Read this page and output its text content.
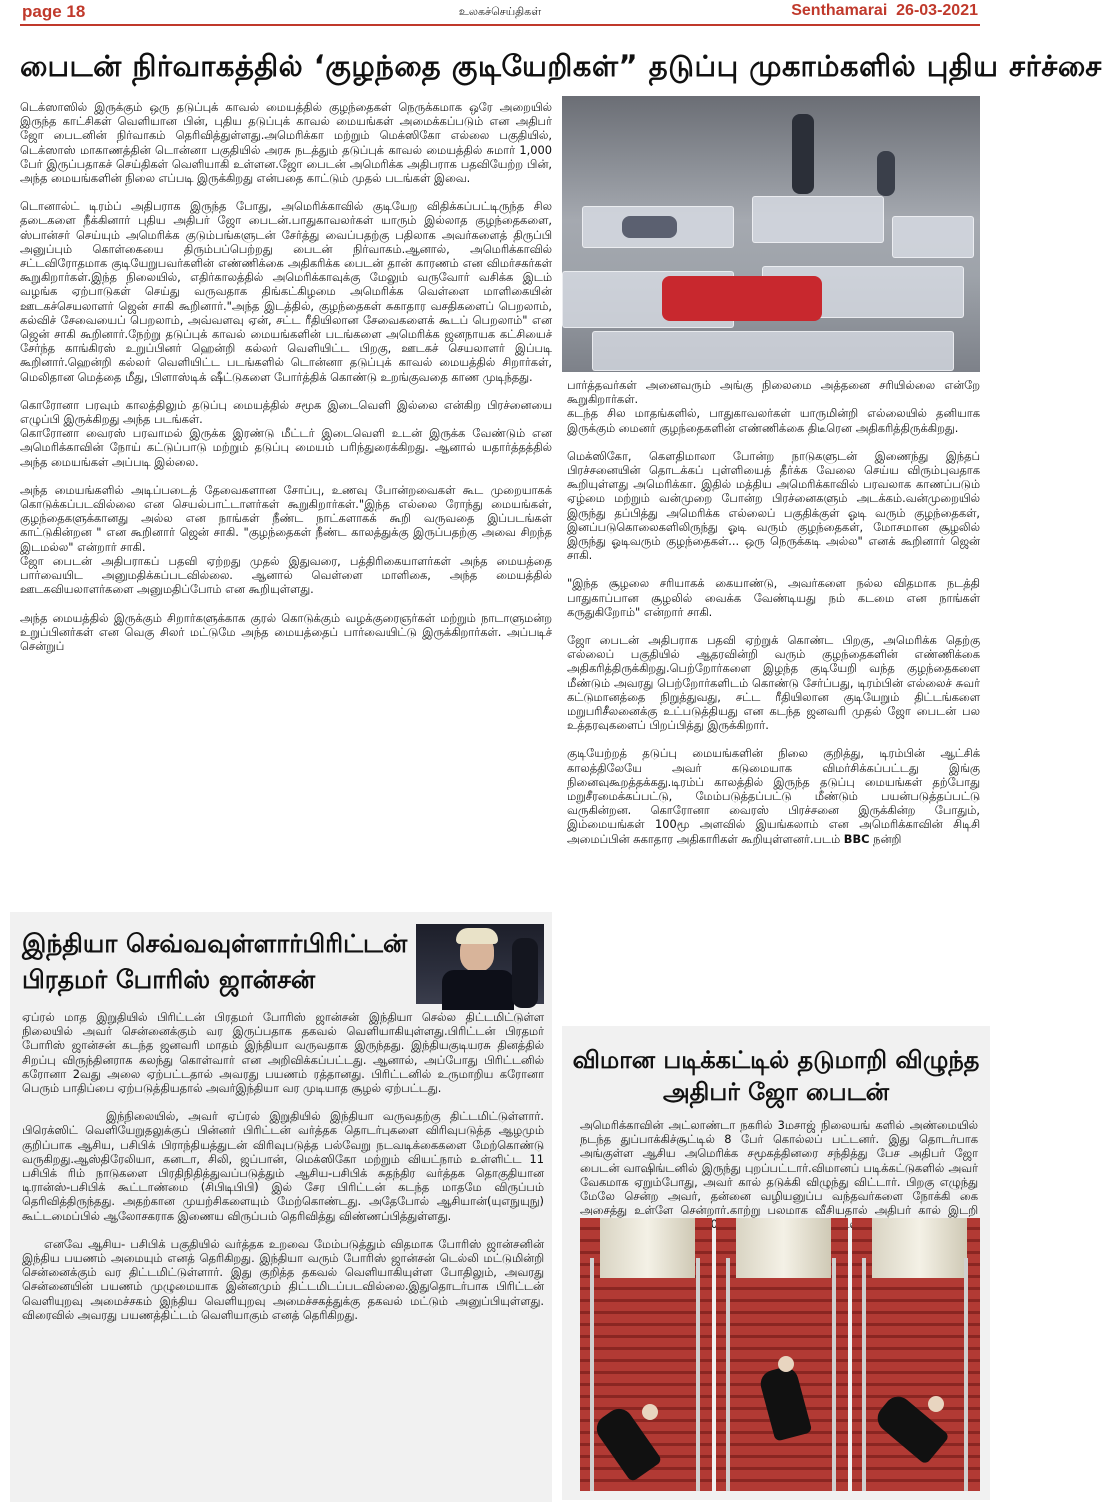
page 18	உலகச்செய்திகள்	Senthamarai 26-03-2021
பைடன் நிர்வாகத்தில் ‘குழந்தை குடியேறிகள்” தடுப்பு முகாம்களில் புதிய சர்ச்சை

டெக்ஸாஸில் இருக்கும் ஒரு தடுப்புக் காவல் மையத்தில் குழந்தைகள் நெருக்கமாக ஒரே அறையில் இருந்த காட்சிகள் வெளியான பின், புதிய தடுப்புக் காவல் மையங்கள் அமைக்கப்படும் என அதிபர் ஜோ பைடனின் நிர்வாகம் தெரிவித்துள்ளது.அமெரிக்கா மற்றும் மெக்ஸிகோ எல்லை பகுதியில், டெக்ஸாஸ் மாகாணத்தின் டொன்னா பகுதியில் அரசு நடத்தும் தடுப்புக் காவல் மையத்தில் சுமார் 1,000 பேர் இருப்பதாகச் செய்திகள் வெளியாகி உள்ளன.ஜோ பைடன் அமெரிக்க அதிபராக பதவியேற்ற பின், அந்த மையங்களின் நிலை எப்படி இருக்கிறது என்பதை காட்டும் முதல் படங்கள் இவை.

டொனால்ட் டிரம்ப் அதிபராக இருந்த போது, அமெரிக்காவில் குடியேற விதிக்கப்பட்டிருந்த சில தடைகளை நீக்கினார் புதிய அதிபர் ஜோ பைடன்.பாதுகாவலர்கள் யாரும் இல்லாத குழந்தைகளை, ஸ்பான்சர் செய்யும் அமெரிக்க குடும்பங்களுடன் சேர்த்து வைப்பதற்கு பதிலாக அவர்களைத் திருப்பி அனுப்பும் கொள்கையை திரும்பப்பெற்றது பைடன் நிர்வாகம்.ஆனால், அமெரிக்காவில் சட்டவிரோதமாக குடியேறுபவர்களின் எண்ணிக்கை அதிகரிக்க பைடன் தான் காரணம் என விமர்சகர்கள் கூறுகிறார்கள்.இந்த நிலையில், எதிர்காலத்தில் அமெரிக்காவுக்கு மேலும் வருவோர் வசிக்க இடம் வழங்க ஏற்பாடுகள் செய்து வருவதாக திங்கட்கிழமை அமெரிக்க வெள்ளை மாளிகையின் ஊடகச்செயலாளர் ஜென் சாகி கூறினார்."அந்த இடத்தில், குழந்தைகள் சுகாதார வசதிகளைப் பெறலாம், கல்விச் சேவையைப் பெறலாம், அவ்வளவு ஏன், சட்ட ரீதியிலான சேவைகளைக் கூடப் பெறலாம்" என ஜென் சாகி கூறினார்.நேற்று தடுப்புக் காவல் மையங்களின் படங்களை அமெரிக்க ஜனநாயக கட்சியைச் சேர்ந்த காங்கிரஸ் உறுப்பினர் ஹென்றி கல்லர் வெளியிட்ட பிறகு, ஊடகச் செயலாளர் இப்படி கூறினார்.ஹென்றி கல்லர் வெளியிட்ட படங்களில் டொன்னா தடுப்புக் காவல் மையத்தில் சிறார்கள், மெலிதான மெத்தை மீது, பிளாஸ்டிக் ஷீட்டுகளை போர்த்திக் கொண்டு உறங்குவதை காண முடிந்தது.

கொரோனா பரவும் காலத்திலும் தடுப்பு மையத்தில் சமூக இடைவெளி இல்லை என்கிற பிரச்னையை எழுப்பி இருக்கிறது அந்த படங்கள்.

கொரோனா வைரஸ் பரவாமல் இருக்க இரண்டு மீட்டர் இடைவெளி உடன் இருக்க வேண்டும் என அமெரிக்காவின் நோய் கட்டுப்பாடு மற்றும் தடுப்பு மையம் பரிந்துரைக்கிறது. ஆனால் யதார்த்தத்தில் அந்த மையங்கள் அப்படி இல்லை.

அந்த மையங்களில் அடிப்படைத் தேவைகளான சோப்பு, உணவு போன்றவைகள் கூட முறையாகக் கொடுக்கப்படவில்லை என செயல்பாட்டாளர்கள் கூறுகிறார்கள்."இந்த எல்லை ரோந்து மையங்கள், குழந்தைகளுக்கானது அல்ல என நாங்கள் நீண்ட நாட்களாகக் கூறி வருவதை இப்படங்கள் காட்டுகின்றன " என கூறினார் ஜென் சாகி. "குழந்தைகள் நீண்ட காலத்துக்கு இருப்பதற்கு அவை சிறந்த இடமல்ல" என்றார் சாகி.

ஜோ பைடன் அதிபராகப் பதவி ஏற்றது முதல் இதுவரை, பத்திரிகையாளர்கள் அந்த மையத்தை பார்வையிட அனுமதிக்கப்படவில்லை. ஆனால் வெள்ளை மாளிகை, அந்த மையத்தில் ஊடகவியலாளர்களை அனுமதிப்போம் என கூறியுள்ளது.

அந்த மையத்தில் இருக்கும் சிறார்களுக்காக குரல் கொடுக்கும் வழக்குரைஞர்கள் மற்றும் நாடாளுமன்ற உறுப்பினர்கள் என வெகு சிலர் மட்டுமே அந்த மையத்தைப் பார்வையிட்டு இருக்கிறார்கள். அப்படிச் சென்றுப்

பார்த்தவர்கள் அனைவரும் அங்கு நிலைமை அத்தனை சரியில்லை என்றே கூறுகிறார்கள்.

கடந்த சில மாதங்களில், பாதுகாவலர்கள் யாருமின்றி எல்லையில் தனியாக இருக்கும் மைனர் குழந்தைகளின் எண்ணிக்கை திடீரென அதிகரித்திருக்கிறது.

மெக்ஸிகோ, கௌதிமாலா போன்ற நாடுகளுடன் இணைந்து இந்தப் பிரச்சனையின் தொடக்கப் புள்ளியைத் தீர்க்க வேலை செய்ய விரும்புவதாக கூறியுள்ளது அமெரிக்கா. இதில் மத்திய அமெரிக்காவில் பரவலாக காணப்படும் ஏழ்மை மற்றும் வன்முறை போன்ற பிரச்னைகளும் அடக்கம்.வன்முறையில் இருந்து தப்பித்து அமெரிக்க எல்லைப் பகுதிக்குள் ஓடி வரும் குழந்தைகள், இனப்படுகொலைகளிலிருந்து ஓடி வரும் குழந்தைகள், மோசமான சூழலில் இருந்து ஓடிவரும் குழந்தைகள்... ஒரு நெருக்கடி அல்ல" எனக் கூறினார் ஜென் சாகி.

"இந்த சூழலை சரியாகக் கையாண்டு, அவர்களை நல்ல விதமாக நடத்தி பாதுகாப்பான சூழலில் வைக்க வேண்டியது நம் கடமை என நாங்கள் கருதுகிறோம்" என்றார் சாகி.

ஜோ பைடன் அதிபராக பதவி ஏற்றுக் கொண்ட பிறகு, அமெரிக்க தெற்கு எல்லைப் பகுதியில் ஆதரவின்றி வரும் குழந்தைகளின் எண்ணிக்கை அதிகரித்திருக்கிறது.பெற்றோர்களை இழந்த குடியேறி வந்த குழந்தைகளை மீண்டும் அவரது பெற்றோர்களிடம் கொண்டு சேர்ப்பது, டிரம்பின் எல்லைச் சுவர் கட்டுமானத்தை நிறுத்துவது, சட்ட ரீதியிலான குடியேறும் திட்டங்களை மறுபரிசீலனைக்கு உட்படுத்தியது என கடந்த ஜனவரி முதல் ஜோ பைடன் பல உத்தரவுகளைப் பிறப்பித்து இருக்கிறார்.

குடியேற்றத் தடுப்பு மையங்களின் நிலை குறித்து, டிரம்பின் ஆட்சிக் காலத்திலேயே அவர் கடுமையாக விமர்சிக்கப்பட்டது இங்கு நினைவுகூறத்தக்கது.டிரம்ப் காலத்தில் இருந்த தடுப்பு மையங்கள் தற்போது மறுசீரமைக்கப்பட்டு, மேம்படுத்தப்பட்டு மீண்டும் பயன்படுத்தப்பட்டு வருகின்றன. கொரோனா வைரஸ் பிரச்சனை இருக்கின்ற போதும், இம்மையங்கள் 100மூ அளவில் இயங்கலாம் என அமெரிக்காவின் சிடிசி அமைப்பின் சுகாதார அதிகாரிகள் கூறியுள்ளனர்.படம் BBC நன்றி

இந்தியா செவ்வவுள்ளார்பிரிட்டன்
பிரதமர் போரிஸ் ஜான்சன்

ஏப்ரல் மாத இறுதியில் பிரிட்டன் பிரதமர் போரிஸ் ஜான்சன் இந்தியா செல்ல திட்டமிட்டுள்ள நிலையில் அவர் சென்னைக்கும் வர இருப்பதாக தகவல் வெளியாகியுள்ளது.பிரிட்டன் பிரதமர் போரிஸ் ஜான்சன் கடந்த ஜனவரி மாதம் இந்தியா வருவதாக இருந்தது. இந்தியகுடியரசு தினத்தில் சிறப்பு விருந்தினராக கலந்து கொள்வார் என அறிவிக்கப்பட்டது. ஆனால், அப்போது பிரிட்டனில் கரோனா 2வது அலை ஏற்பட்டதால் அவரது பயணம் ரத்தானது. பிரிட்டனில் உருமாறிய கரோனா பெரும் பாதிப்பை ஏற்படுத்தியதால் அவர்இந்தியா வர முடியாத சூழல் ஏற்பட்டது.

இந்நிலையில், அவர் ஏப்ரல் இறுதியில் இந்தியா வருவதற்கு திட்டமிட்டுள்ளார். பிரெக்ஸிட் வெளியேறுதலுக்குப் பின்னர் பிரிட்டன் வர்த்தக தொடர்புகளை விரிவுபடுத்த ஆழமும் குறிப்பாக ஆசிய, பசிபிக் பிராந்தியத்துடன் விரிவுபடுத்த பல்வேறு நடவடிக்கைகளை மேற்கொண்டு வருகிறது.ஆஸ்திரேலியா, கனடா, சிலி, ஜப்பான், மெக்ஸிகோ மற்றும் வியட்நாம் உள்ளிட்ட 11 பசிபிக் ரிம் நாடுகளை பிரதிநிதித்துவப்படுத்தும் ஆசிய-பசிபிக் சுதந்திர வர்த்தக தொகுதியான டிரான்ஸ்-பசிபிக் கூட்டாண்மை (சிபிடிபிபி) இல் சேர பிரிட்டன் கடந்த மாதமே விருப்பம் தெரிவித்திருந்தது. அதற்கான முயற்சிகளையும் மேற்கொண்டது. அதேபோல் ஆசியான்(யுஎநுயுநு) கூட்டமைப்பில் ஆலோசகராக இணைய விருப்பம் தெரிவித்து விண்ணப்பித்துள்ளது.

எனவே ஆசிய- பசிபிக் பகுதியில் வர்த்தக உறவை மேம்படுத்தும் விதமாக போரிஸ் ஜான்சனின் இந்திய பயணம் அமையும் எனத் தெரிகிறது. இந்தியா வரும் போரிஸ் ஜான்சன் டெல்லி மட்டுமின்றி சென்னைக்கும் வர திட்டமிட்டுள்ளார். இது குறித்த தகவல் வெளியாகியுள்ள போதிலும், அவரது சென்னையின் பயணம் முழுமையாக இன்னமும் திட்டமிடப்படவில்லை.இதுதொடர்பாக பிரிட்டன் வெளியுறவு அமைச்சகம் இந்திய வெளியுறவு அமைச்சகத்துக்கு தகவல் மட்டும் அனுப்பியுள்ளது. விரைவில் அவரது பயணத்திட்டம் வெளியாகும் எனத் தெரிகிறது.

விமான படிக்கட்டில் தடுமாறி விழுந்த
அதிபர் ஜோ பைடன்

அமெரிக்காவின் அட்லாண்டா நகரில் 3மசாஜ் நிலையங் களில் அண்மையில் நடந்த துப்பாக்கிச்சூட்டில் 8 பேர் கொல்லப் பட்டனர். இது தொடர்பாக அங்குள்ள ஆசிய அமெரிக்க சமூகத்தினரை சந்தித்து பேச அதிபர் ஜோ பைடன் வாஷிங்டனில் இருந்து புறப்பட்டார்.விமானப் படிக்கட்டுகளில் அவர் வேகமாக ஏறும்போது, அவர் கால் தடுக்கி விழுந்து விட்டார். பிறகு எழுந்து மேலே சென்ற அவர், தன்னை வழியனுப்ப வந்தவர்களை நோக்கி கை அசைத்து உள்ளே சென்றார்.காற்று பலமாக வீசியதால் அதிபர் கால் இடறி 100
